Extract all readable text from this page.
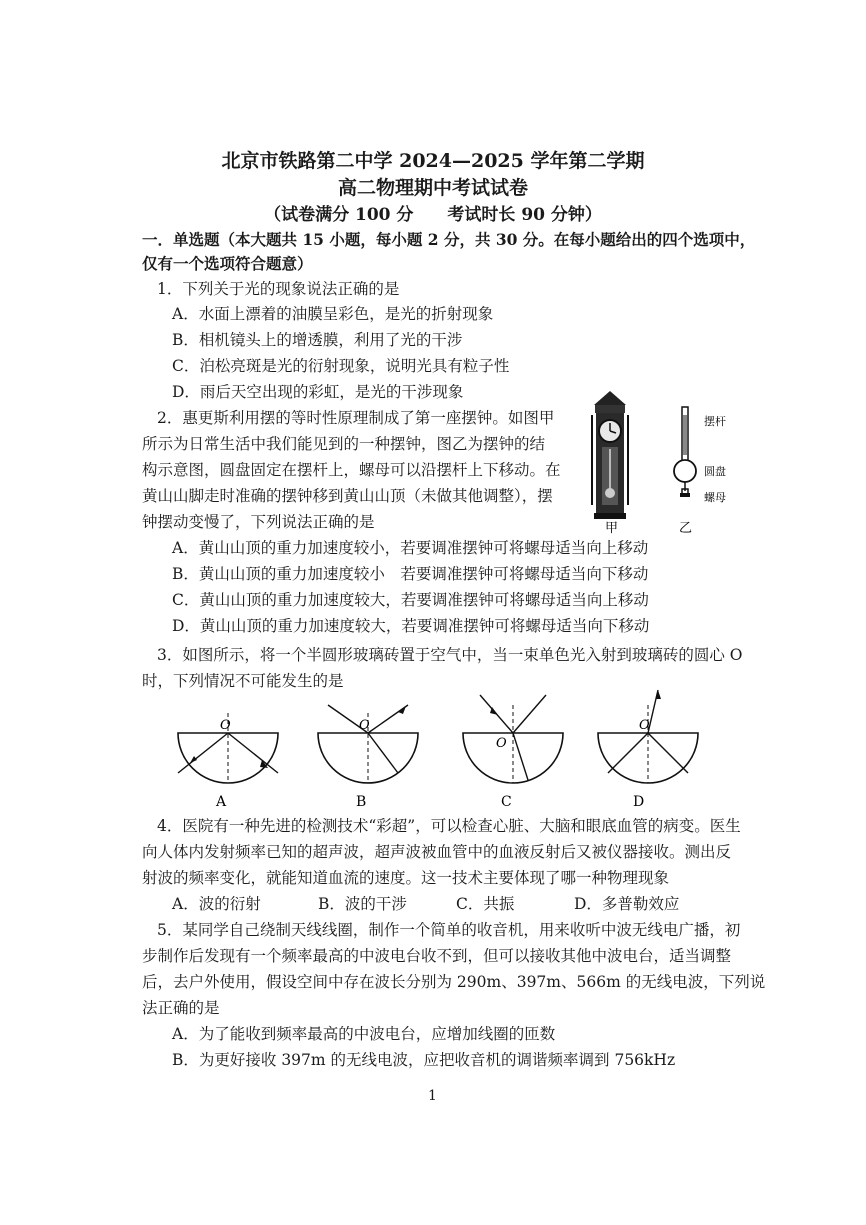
北京市铁路第二中学 2024—2025 学年第二学期
高二物理期中考试试卷
（试卷满分 100 分　　考试时长 90 分钟）
一．单选题（本大题共 15 小题，每小题 2 分，共 30 分。在每小题给出的四个选项中，
仅有一个选项符合题意）
1．下列关于光的现象说法正确的是
A．水面上漂着的油膜呈彩色，是光的折射现象
B．相机镜头上的增透膜，利用了光的干涉
C．泊松亮斑是光的衍射现象，说明光具有粒子性
D．雨后天空出现的彩虹，是光的干涉现象
2．惠更斯利用摆的等时性原理制成了第一座摆钟。如图甲
所示为日常生活中我们能见到的一种摆钟，图乙为摆钟的结
构示意图，圆盘固定在摆杆上，螺母可以沿摆杆上下移动。在
黄山山脚走时准确的摆钟移到黄山山顶（未做其他调整），摆
钟摆动变慢了，下列说法正确的是
A．黄山山顶的重力加速度较小，若要调准摆钟可将螺母适当向上移动
B．黄山山顶的重力加速度较小　若要调准摆钟可将螺母适当向下移动
C．黄山山顶的重力加速度较大，若要调准摆钟可将螺母适当向上移动
D．黄山山顶的重力加速度较大，若要调准摆钟可将螺母适当向下移动
摆杆
圆盘
螺母
甲	乙
3．如图所示，将一个半圆形玻璃砖置于空气中，当一束单色光入射到玻璃砖的圆心 O
时，下列情况不可能发生的是
O	O
O
O
A	B	C	D
4．医院有一种先进的检测技术“彩超”，可以检查心脏、大脑和眼底血管的病变。医生
向人体内发射频率已知的超声波，超声波被血管中的血液反射后又被仪器接收。测出反
射波的频率变化，就能知道血流的速度。这一技术主要体现了哪一种物理现象
A．波的衍射	B．波的干涉	C．共振	D．多普勒效应
5．某同学自己绕制天线线圈，制作一个简单的收音机，用来收听中波无线电广播，初
步制作后发现有一个频率最高的中波电台收不到，但可以接收其他中波电台，适当调整
后，去户外使用，假设空间中存在波长分别为 290m、397m、566m 的无线电波，下列说
法正确的是
A．为了能收到频率最高的中波电台，应增加线圈的匝数
B．为更好接收 397m 的无线电波，应把收音机的调谐频率调到 756kHz
1
